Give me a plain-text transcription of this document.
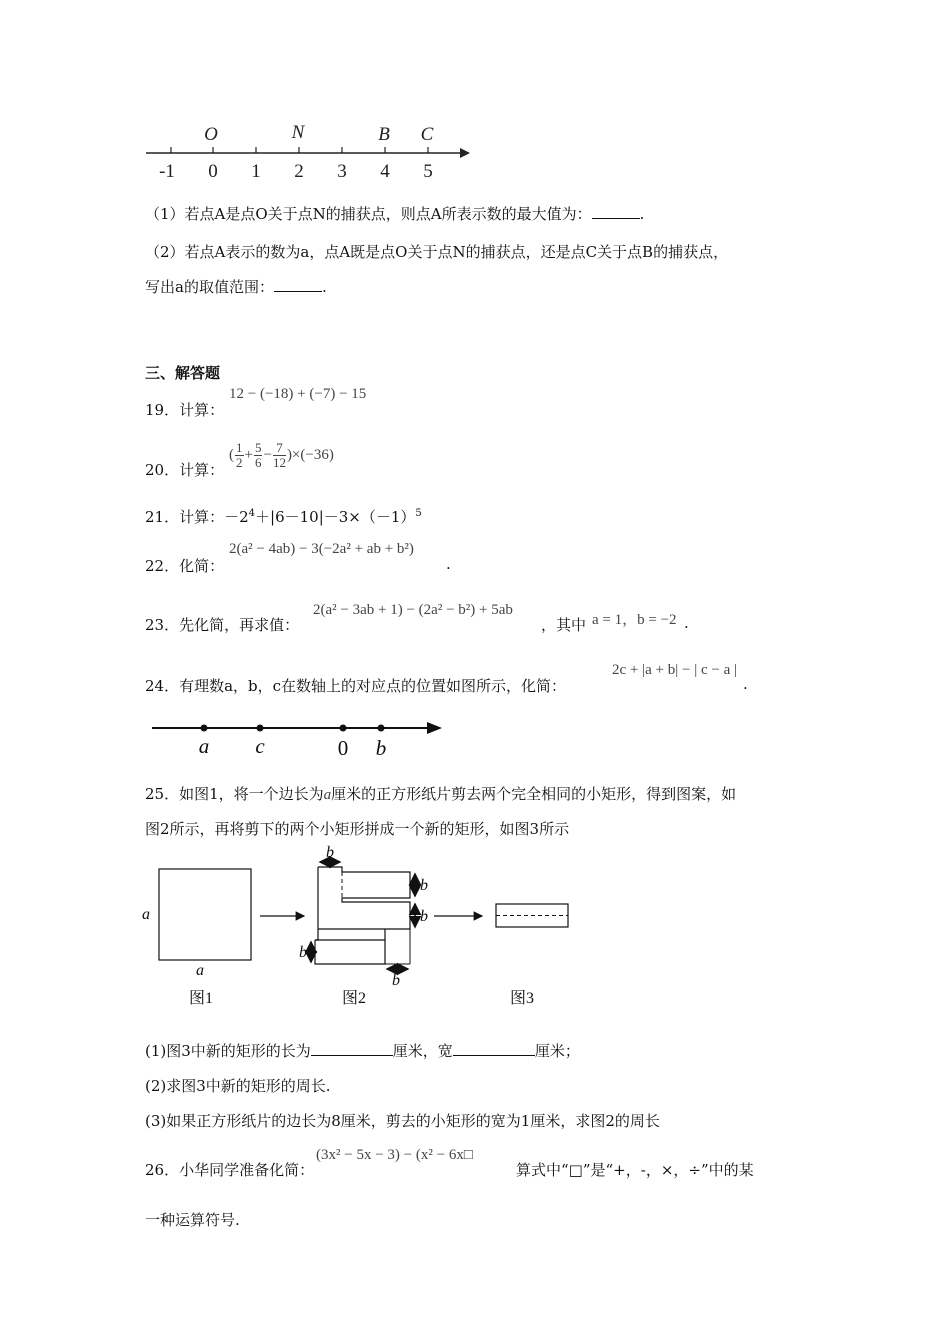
-1 0 1 2 3 4 5
O	N	B C
（1）若点A是点O关于点N的捕获点，则点A所表示数的最大值为：	.
（2）若点A表示的数为a，点A既是点O关于点N的捕获点，还是点C关于点B的捕获点，
写出a的取值范围：	.
三、解答题
19．计算：
12 − (−18) + (−7) − 15
20．计算：
( $\frac{1}{2} + \frac{5}{6} - \frac{7}{12} )\times(-36)$
21．计算：$-2^4+|6-10|-3\times(-1)^5$
22．化简：
2(a² − 4ab) − 3(−2a² + ab + b²)
.
23．先化简，再求值：
2(a² − 3ab + 1) − (2a² − b²) + 5ab
，其中 a = 1，b = −2 .
24．有理数a，b，c在数轴上的对应点的位置如图所示，化简：
2c + |a + b| − | c − a |
.
a c	0 b
25．如图1，将一个边长为a厘米的正方形纸片剪去两个完全相同的小矩形，得到图案，如
图2所示，再将剪下的两个小矩形拼成一个新的矩形，如图3所示
a
a
b
b
b
b
b
图1	图2	图3
(1)图3中新的矩形的长为	厘米，宽	厘米；
(2)求图3中新的矩形的周长.
(3)如果正方形纸片的边长为8厘米，剪去的小矩形的宽为1厘米，求图2的周长
26．小华同学准备化简：
(3x² − 5x − 3) − (x² − 6x□
算式中“□”是“+，-，×，÷”中的某
一种运算符号.
